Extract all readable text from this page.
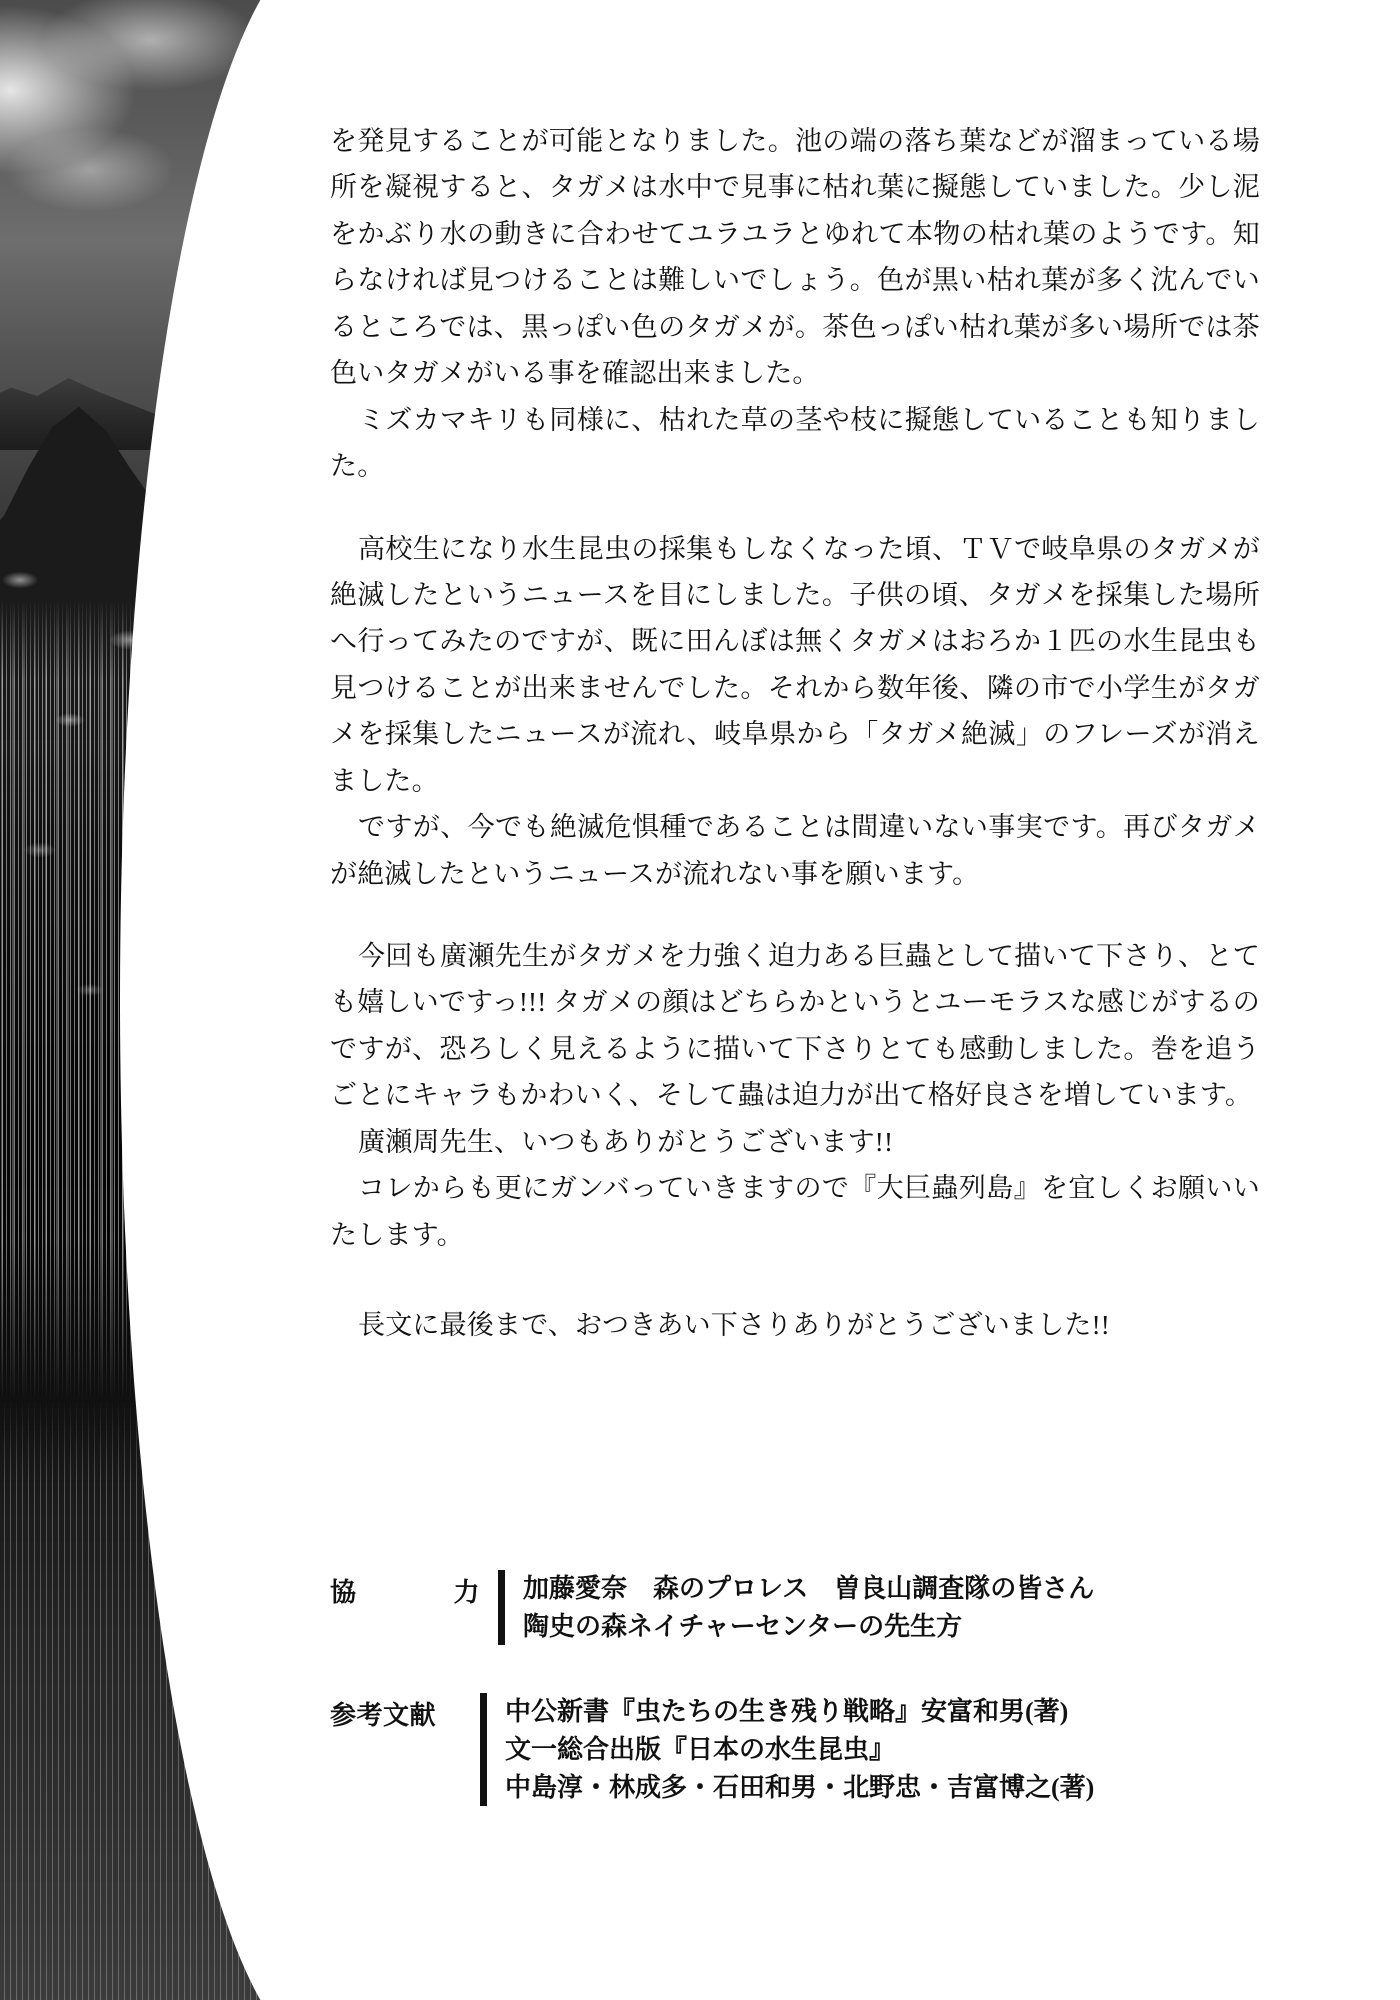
を発見することが可能となりました。池の端の落ち葉などが溜まっている場所を凝視すると、タガメは水中で見事に枯れ葉に擬態していました。少し泥をかぶり水の動きに合わせてユラユラとゆれて本物の枯れ葉のようです。知らなければ見つけることは難しいでしょう。色が黒い枯れ葉が多く沈んでいるところでは、黒っぽい色のタガメが。茶色っぽい枯れ葉が多い場所では茶色いタガメがいる事を確認出来ました。

ミズカマキリも同様に、枯れた草の茎や枝に擬態していることも知りました。

高校生になり水生昆虫の採集もしなくなった頃、ＴＶで岐阜県のタガメが絶滅したというニュースを目にしました。子供の頃、タガメを採集した場所へ行ってみたのですが、既に田んぼは無くタガメはおろか１匹の水生昆虫も見つけることが出来ませんでした。それから数年後、隣の市で小学生がタガメを採集したニュースが流れ、岐阜県から「タガメ絶滅」のフレーズが消えました。

ですが、今でも絶滅危惧種であることは間違いない事実です。再びタガメが絶滅したというニュースが流れない事を願います。

今回も廣瀬先生がタガメを力強く迫力ある巨蟲として描いて下さり、とても嬉しいですっ!!! タガメの顔はどちらかというとユーモラスな感じがするのですが、恐ろしく見えるように描いて下さりとても感動しました。巻を追うごとにキャラもかわいく、そして蟲は迫力が出て格好良さを増しています。

廣瀬周先生、いつもありがとうございます!!

コレからも更にガンバっていきますので『大巨蟲列島』を宜しくお願いいたします。

長文に最後まで、おつきあい下さりありがとうございました!!

協	力 加藤愛奈　森のプロレス　曽良山調査隊の皆さん
陶史の森ネイチャーセンターの先生方
参考文献	中公新書『虫たちの生き残り戦略』安富和男(著)
文一総合出版『日本の水生昆虫』
中島淳・林成多・石田和男・北野忠・吉富博之(著)
